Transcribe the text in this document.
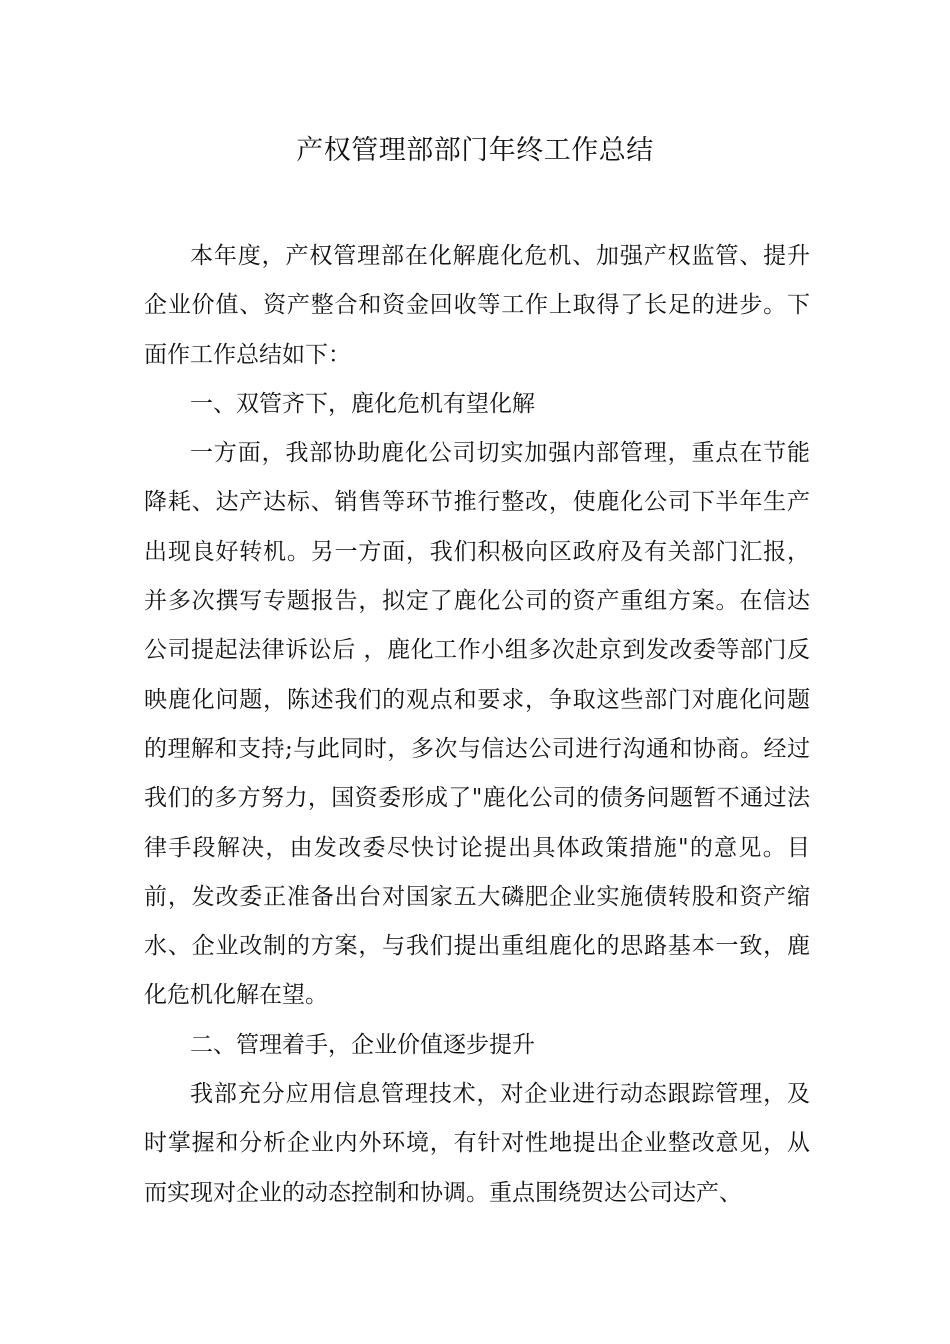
产权管理部部门年终工作总结

本年度，产权管理部在化解鹿化危机、加强产权监管、提升企业价值、资产整合和资金回收等工作上取得了长足的进步。下面作工作总结如下：

一、双管齐下，鹿化危机有望化解

一方面，我部协助鹿化公司切实加强内部管理，重点在节能降耗、达产达标、销售等环节推行整改，使鹿化公司下半年生产出现良好转机。另一方面，我们积极向区政府及有关部门汇报，并多次撰写专题报告，拟定了鹿化公司的资产重组方案。在信达公司提起法律诉讼后 ，鹿化工作小组多次赴京到发改委等部门反映鹿化问题，陈述我们的观点和要求，争取这些部门对鹿化问题的理解和支持;与此同时，多次与信达公司进行沟通和协商。经过我们的多方努力，国资委形成了"鹿化公司的债务问题暂不通过法律手段解决，由发改委尽快讨论提出具体政策措施"的意见。目前，发改委正准备出台对国家五大磷肥企业实施债转股和资产缩水、企业改制的方案，与我们提出重组鹿化的思路基本一致，鹿化危机化解在望。

二、管理着手，企业价值逐步提升

我部充分应用信息管理技术，对企业进行动态跟踪管理，及时掌握和分析企业内外环境，有针对性地提出企业整改意见，从而实现对企业的动态控制和协调。重点围绕贺达公司达产、
